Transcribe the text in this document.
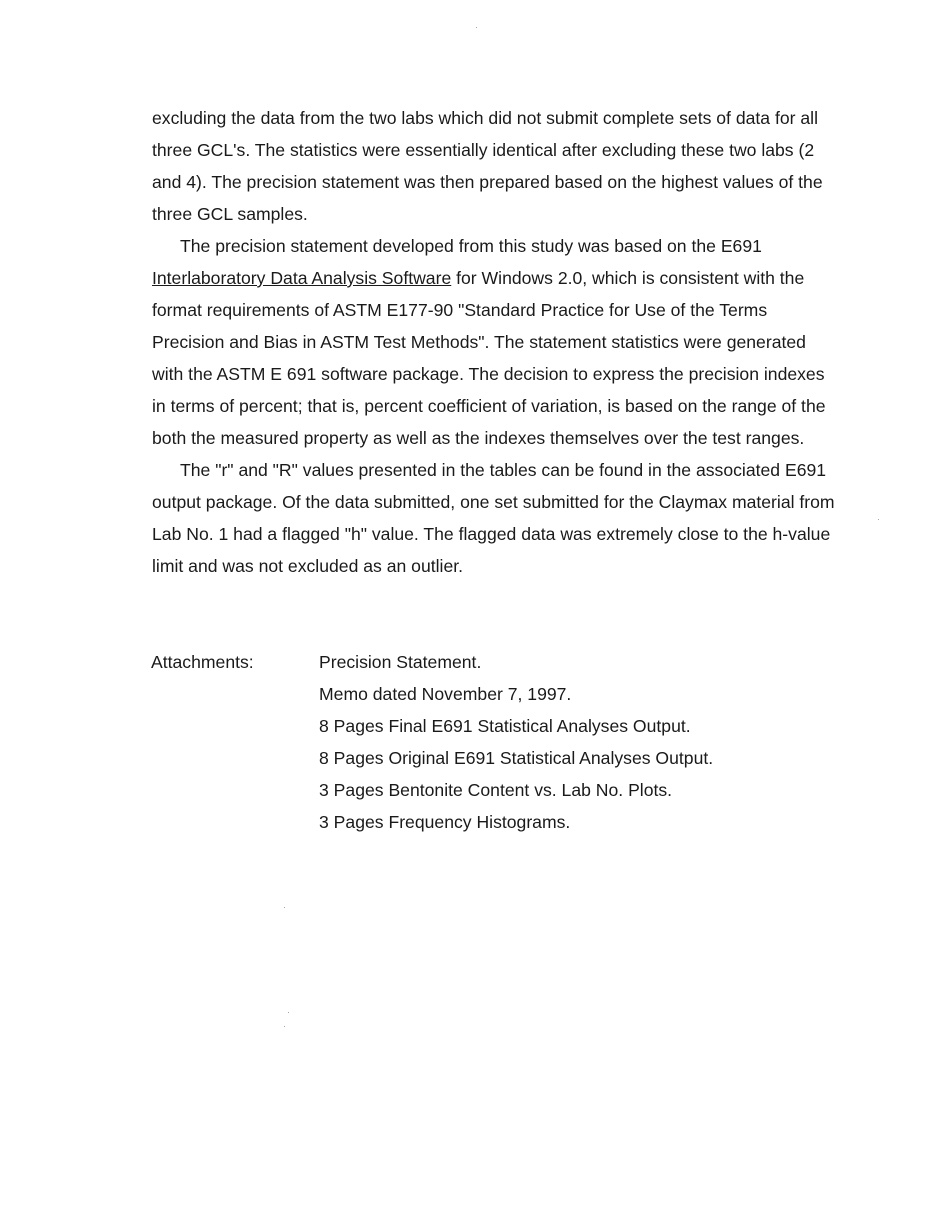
excluding the data from the two labs which did not submit complete sets of data for all three GCL's. The statistics were essentially identical after excluding these two labs (2 and 4). The precision statement was then prepared based on the highest values of the three GCL samples.

The precision statement developed from this study was based on the E691 Interlaboratory Data Analysis Software for Windows 2.0, which is consistent with the format requirements of ASTM E177-90 "Standard Practice for Use of the Terms Precision and Bias in ASTM Test Methods". The statement statistics were generated with the ASTM E 691 software package. The decision to express the precision indexes in terms of percent; that is, percent coefficient of variation, is based on the range of the both the measured property as well as the indexes themselves over the test ranges.

The "r" and "R" values presented in the tables can be found in the associated E691 output package. Of the data submitted, one set submitted for the Claymax material from Lab No. 1 had a flagged "h" value. The flagged data was extremely close to the h-value limit and was not excluded as an outlier.

Attachments:	Precision Statement.
Memo dated November 7, 1997.
8 Pages Final E691 Statistical Analyses Output.
8 Pages Original E691 Statistical Analyses Output.
3 Pages Bentonite Content vs. Lab No. Plots.
3 Pages Frequency Histograms.
